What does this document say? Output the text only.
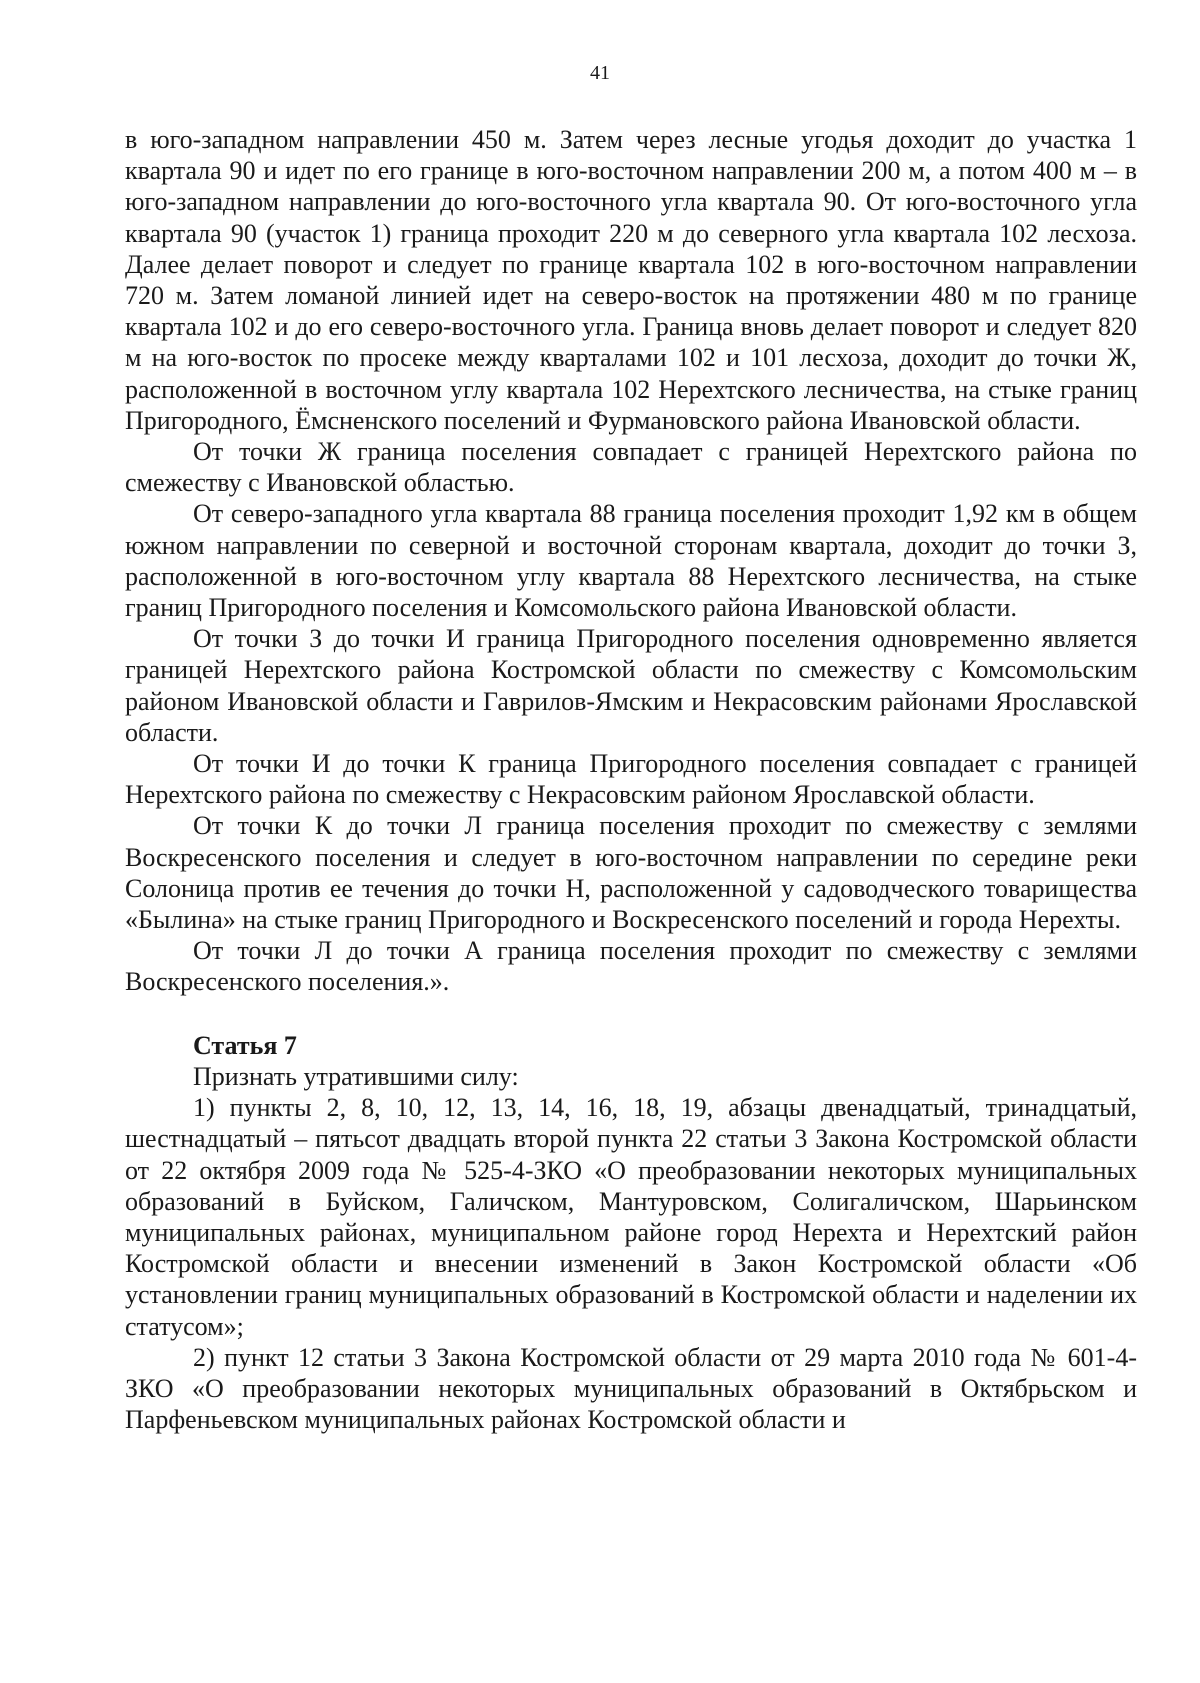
41

в юго-западном направлении 450 м. Затем через лесные угодья доходит до участка 1 квартала 90 и идет по его границе в юго-восточном направлении 200 м, а потом 400 м – в юго-западном направлении до юго-восточного угла квартала 90. От юго-восточного угла квартала 90 (участок 1) граница проходит 220 м до северного угла квартала 102 лесхоза. Далее делает поворот и следует по границе квартала 102 в юго-восточном направлении 720 м. Затем ломаной линией идет на северо-восток на протяжении 480 м по границе квартала 102 и до его северо-восточного угла. Граница вновь делает поворот и следует 820 м на юго-восток по просеке между кварталами 102 и 101 лесхоза, доходит до точки Ж, расположенной в восточном углу квартала 102 Нерехтского лесничества, на стыке границ Пригородного, Ёмсненского поселений и Фурмановского района Ивановской области.

От точки Ж граница поселения совпадает с границей Нерехтского района по смежеству с Ивановской областью.

От северо-западного угла квартала 88 граница поселения проходит 1,92 км в общем южном направлении по северной и восточной сторонам квартала, доходит до точки З, расположенной в юго-восточном углу квартала 88 Нерехтского лесничества, на стыке границ Пригородного поселения и Комсомольского района Ивановской области.

От точки З до точки И граница Пригородного поселения одновременно является границей Нерехтского района Костромской области по смежеству с Комсомольским районом Ивановской области и Гаврилов-Ямским и Некрасовским районами Ярославской области.

От точки И до точки К граница Пригородного поселения совпадает с границей Нерехтского района по смежеству с Некрасовским районом Ярославской области.

От точки К до точки Л граница поселения проходит по смежеству с землями Воскресенского поселения и следует в юго-восточном направлении по середине реки Солоница против ее течения до точки Н, расположенной у садоводческого товарищества «Былина» на стыке границ Пригородного и Воскресенского поселений и города Нерехты.

От точки Л до точки А граница поселения проходит по смежеству с землями Воскресенского поселения.».

Статья 7

Признать утратившими силу:

1) пункты 2, 8, 10, 12, 13, 14, 16, 18, 19, абзацы двенадцатый, тринадцатый, шестнадцатый – пятьсот двадцать второй пункта 22 статьи 3 Закона Костромской области от 22 октября 2009 года № 525-4-ЗКО «О преобразовании некоторых муниципальных образований в Буйском, Галичском, Мантуровском, Солигаличском, Шарьинском муниципальных районах, муниципальном районе город Нерехта и Нерехтский район Костромской области и внесении изменений в Закон Костромской области «Об установлении границ муниципальных образований в Костромской области и наделении их статусом»;

2) пункт 12 статьи 3 Закона Костромской области от 29 марта 2010 года № 601-4-ЗКО «О преобразовании некоторых муниципальных образований в Октябрьском и Парфеньевском муниципальных районах Костромской области и
